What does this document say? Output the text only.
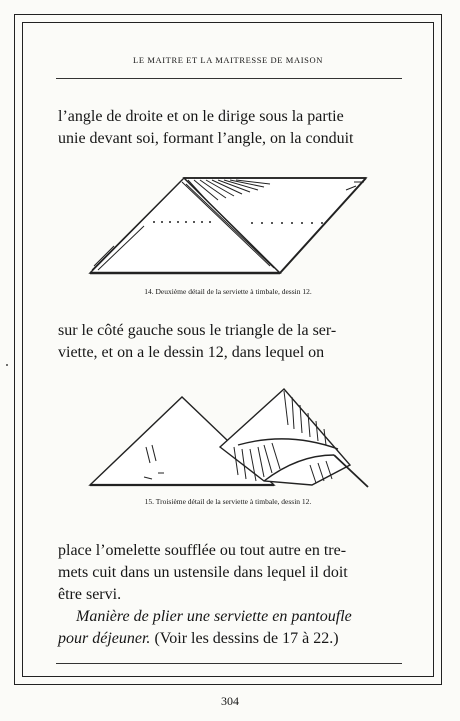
LE MAITRE ET LA MAITRESSE DE MAISON
l’angle de droite et on le dirige sous la partie
unie devant soi, formant l’angle, on la conduit
14. Deuxième détail de la serviette à timbale, dessin 12.
sur le côté gauche sous le triangle de la ser-
viette, et on a le dessin 12, dans lequel on
15. Troisième détail de la serviette à timbale, dessin 12.
place l’omelette soufflée ou tout autre en tre-
mets cuit dans un ustensile dans lequel il doit
être servi.
Manière de plier une serviette en pantoufle
pour déjeuner. (Voir les dessins de 17 à 22.)
304
